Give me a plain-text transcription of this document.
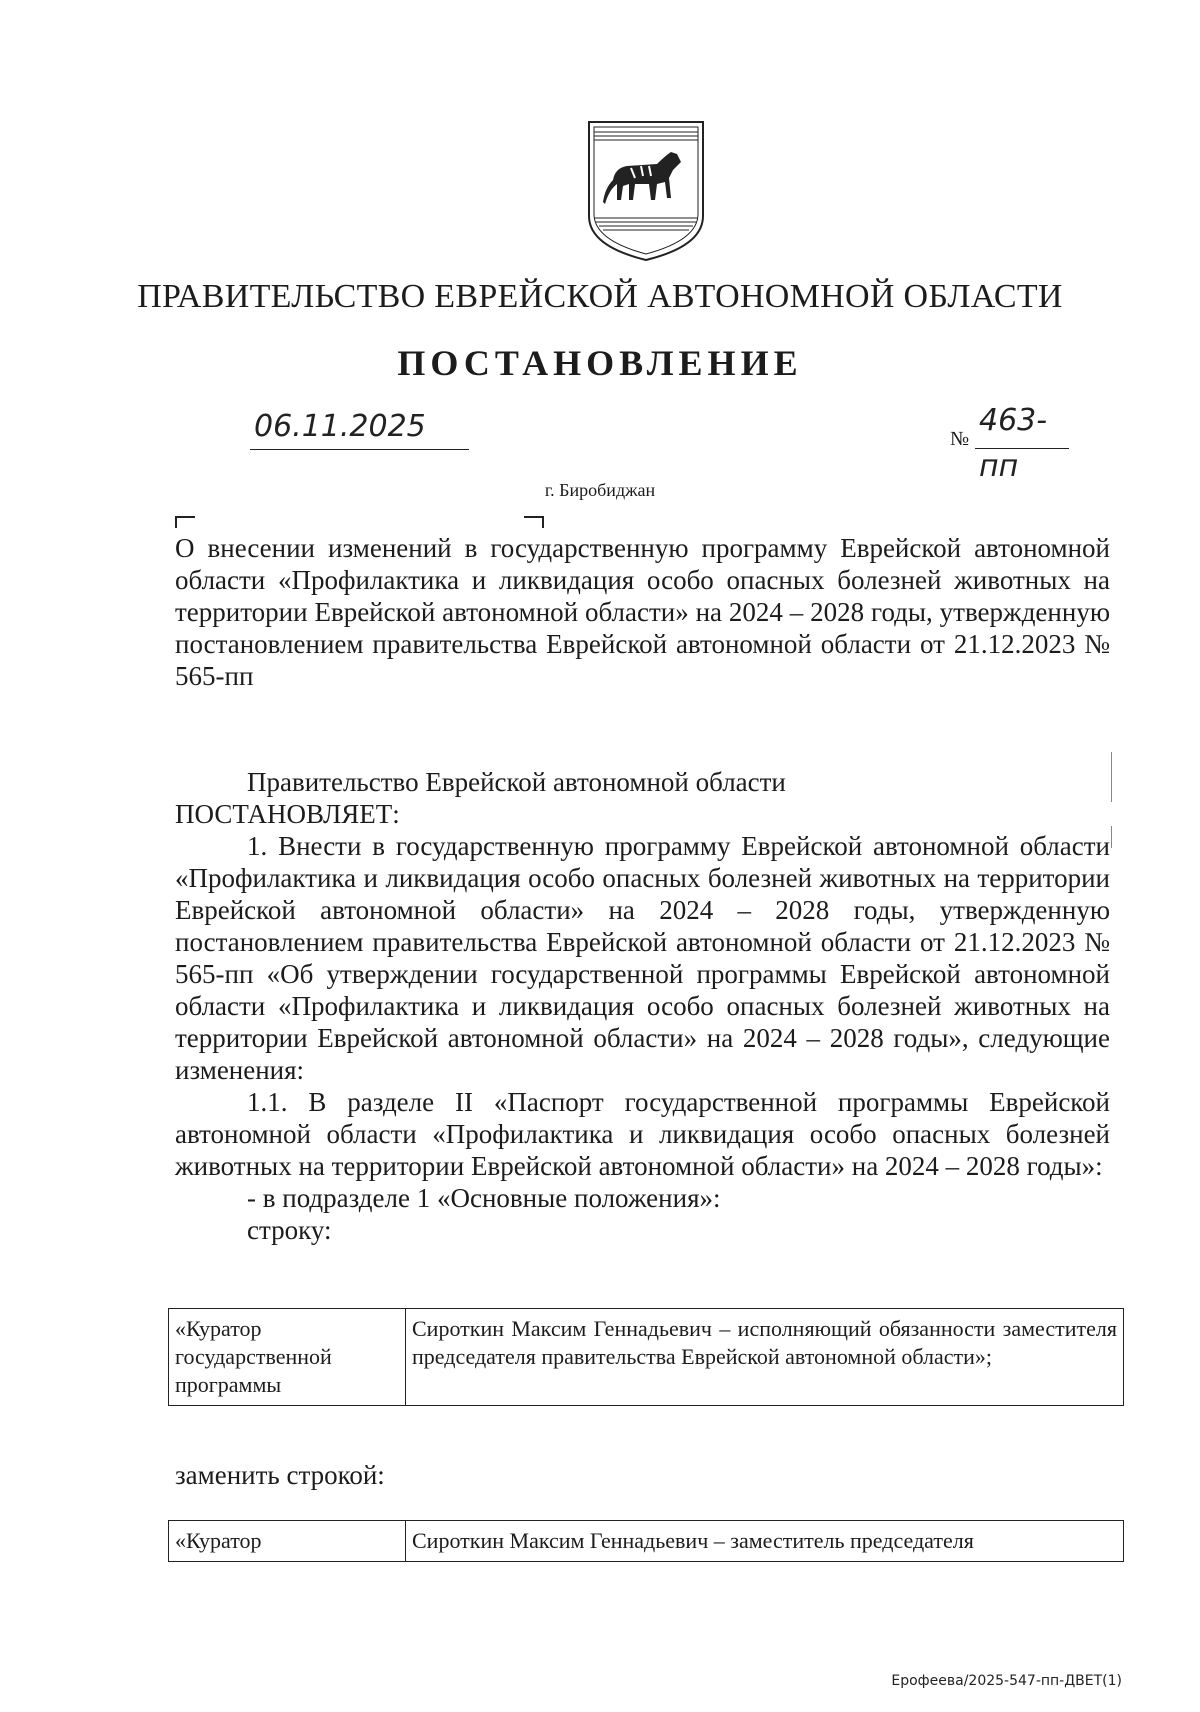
ПРАВИТЕЛЬСТВО ЕВРЕЙСКОЙ АВТОНОМНОЙ ОБЛАСТИ
ПОСТАНОВЛЕНИЕ
06.11.2025	№
463-пп
г. Биробиджан
О внесении изменений в государственную программу Еврейской автономной области «Профилактика и ликвидация особо опасных болезней животных на территории Еврейской автономной области» на 2024 – 2028 годы, утвержденную постановлением правительства Еврейской автономной области от 21.12.2023 № 565-пп

Правительство Еврейской автономной области

ПОСТАНОВЛЯЕТ:

1. Внести в государственную программу Еврейской автономной области «Профилактика и ликвидация особо опасных болезней животных на территории Еврейской автономной области» на 2024 – 2028 годы, утвержденную постановлением правительства Еврейской автономной области от 21.12.2023 № 565-пп «Об утверждении государственной программы Еврейской автономной области «Профилактика и ликвидация особо опасных болезней животных на территории Еврейской автономной области» на 2024 – 2028 годы», следующие изменения:

1.1. В разделе II «Паспорт государственной программы Еврейской автономной области «Профилактика и ликвидация особо опасных болезней животных на территории Еврейской автономной области» на 2024 – 2028 годы»:

- в подразделе 1 «Основные положения»:

строку:

«Куратор государственной программы	Сироткин Максим Геннадьевич – исполняющий обязанности заместителя председателя правительства Еврейской автономной области»;
заменить строкой:
«Куратор	Сироткин Максим Геннадьевич – заместитель председателя
Ерофеева/2025-547-пп-ДВЕТ(1)
